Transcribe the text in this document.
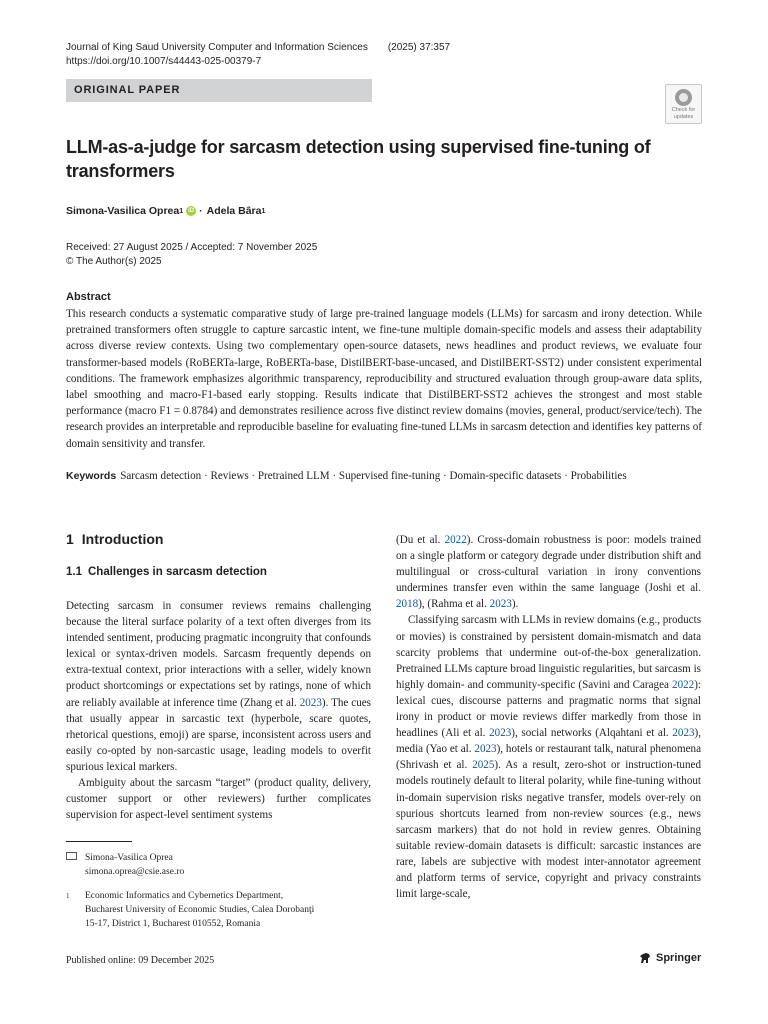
Journal of King Saud University Computer and Information Sciences (2025) 37:357
https://doi.org/10.1007/s44443-025-00379-7
ORIGINAL PAPER
Check for
updates
LLM-as-a-judge for sarcasm detection using supervised fine-tuning of transformers
Simona-Vasilica Oprea 1 iD · Adela Bâra 1
Received: 27 August 2025 / Accepted: 7 November 2025
© The Author(s) 2025
Abstract
This research conducts a systematic comparative study of large pre-trained language models (LLMs) for sarcasm and irony detection. While pretrained transformers often struggle to capture sarcastic intent, we fine-tune multiple domain-specific models and assess their adaptability across diverse review contexts. Using two complementary open-source datasets, news headlines and product reviews, we evaluate four transformer-based models (RoBERTa-large, RoBERTa-base, DistilBERT-base-uncased, and DistilBERT-SST2) under consistent experimental conditions. The framework emphasizes algorithmic transparency, reproducibility and structured evaluation through group-aware data splits, label smoothing and macro-F1-based early stopping. Results indicate that DistilBERT-SST2 achieves the strongest and most stable performance (macro F1 = 0.8784) and demonstrates resilience across five distinct review domains (movies, general, product/service/tech). The research provides an interpretable and reproducible baseline for evaluating fine-tuned LLMs in sarcasm detection and identifies key patterns of domain sensitivity and transfer.
Keywords Sarcasm detection · Reviews · Pretrained LLM · Supervised fine-tuning · Domain-specific datasets · Probabilities
1 Introduction
1.1 Challenges in sarcasm detection

Detecting sarcasm in consumer reviews remains challenging because the literal surface polarity of a text often diverges from its intended sentiment, producing pragmatic incongruity that confounds lexical or syntax-driven models. Sarcasm frequently depends on extra-textual context, prior interactions with a seller, widely known product shortcomings or expectations set by ratings, none of which are reliably available at inference time (Zhang et al. 2023). The cues that usually appear in sarcastic text (hyperbole, scare quotes, rhetorical questions, emoji) are sparse, inconsistent across users and easily co-opted by non-sarcastic usage, leading models to overfit spurious lexical markers.

Ambiguity about the sarcasm “target” (product quality, delivery, customer support or other reviewers) further complicates supervision for aspect-level sentiment systems

(Du et al. 2022). Cross-domain robustness is poor: models trained on a single platform or category degrade under distribution shift and multilingual or cross-cultural variation in irony conventions undermines transfer even within the same language (Joshi et al. 2018), (Rahma et al. 2023).

Classifying sarcasm with LLMs in review domains (e.g., products or movies) is constrained by persistent domain-mismatch and data scarcity problems that undermine out-of-the-box generalization. Pretrained LLMs capture broad linguistic regularities, but sarcasm is highly domain- and community-specific (Savini and Caragea 2022): lexical cues, discourse patterns and pragmatic norms that signal irony in product or movie reviews differ markedly from those in headlines (Ali et al. 2023), social networks (Alqahtani et al. 2023), media (Yao et al. 2023), hotels or restaurant talk, natural phenomena (Shrivash et al. 2025). As a result, zero-shot or instruction-tuned models routinely default to literal polarity, while fine-tuning without in-domain supervision risks negative transfer, models over-rely on spurious shortcuts learned from non-review sources (e.g., news sarcasm markers) that do not hold in review genres. Obtaining suitable review-domain datasets is difficult: sarcastic instances are rare, labels are subjective with modest inter-annotator agreement and platform terms of service, copyright and privacy constraints limit large-scale,

Simona-Vasilica Oprea
simona.oprea@csie.ase.ro
1	Economic Informatics and Cybernetics Department,
Bucharest University of Economic Studies, Calea Dorobanţi
15-17, District 1, Bucharest 010552, Romania
Published online: 09 December 2025	Springer
